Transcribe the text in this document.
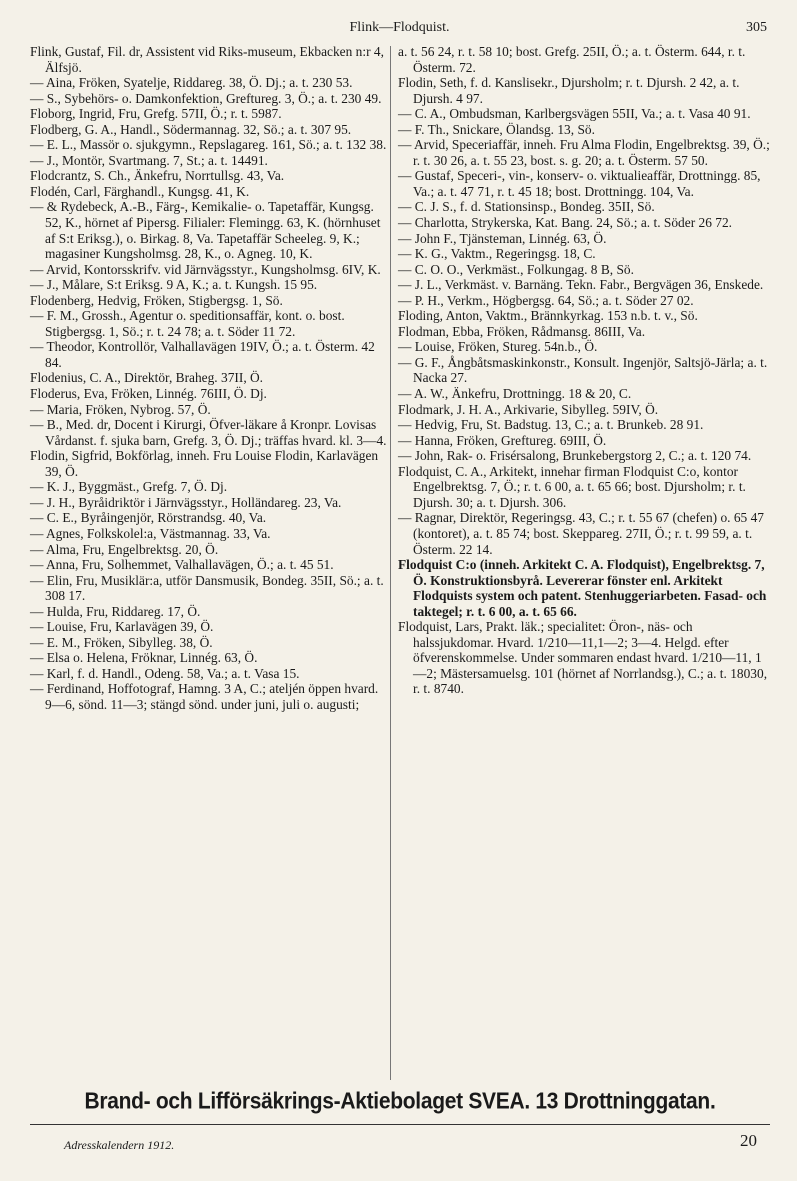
Flink—Flodquist.	305

Flink, Gustaf, Fil. dr, Assistent vid Riks-museum, Ekbacken n:r 4, Älfsjö.

— Aina, Fröken, Syatelje, Riddareg. 38, Ö. Dj.; a. t. 230 53.

— S., Sybehörs- o. Damkonfektion, Greftureg. 3, Ö.; a. t. 230 49.

Floborg, Ingrid, Fru, Grefg. 57II, Ö.; r. t. 5987.

Flodberg, G. A., Handl., Södermannag. 32, Sö.; a. t. 307 95.

— E. L., Massör o. sjukgymn., Repslagareg. 161, Sö.; a. t. 132 38.

— J., Montör, Svartmang. 7, St.; a. t. 14491.

Flodcrantz, S. Ch., Änkefru, Norrtullsg. 43, Va.

Flodén, Carl, Färghandl., Kungsg. 41, K.

— & Rydebeck, A.-B., Färg-, Kemikalie- o. Tapetaffär, Kungsg. 52, K., hörnet af Pipersg. Filialer: Flemingg. 63, K. (hörnhuset af S:t Eriksg.), o. Birkag. 8, Va. Tapetaffär Scheeleg. 9, K.; magasiner Kungsholmsg. 28, K., o. Agneg. 10, K.

— Arvid, Kontorsskrifv. vid Järnvägsstyr., Kungsholmsg. 6IV, K.

— J., Målare, S:t Eriksg. 9 A, K.; a. t. Kungsh. 15 95.

Flodenberg, Hedvig, Fröken, Stigbergsg. 1, Sö.

— F. M., Grossh., Agentur o. speditionsaffär, kont. o. bost. Stigbergsg. 1, Sö.; r. t. 24 78; a. t. Söder 11 72.

— Theodor, Kontrollör, Valhallavägen 19IV, Ö.; a. t. Österm. 42 84.

Flodenius, C. A., Direktör, Braheg. 37II, Ö.

Floderus, Eva, Fröken, Linnég. 76III, Ö. Dj.

— Maria, Fröken, Nybrog. 57, Ö.

— B., Med. dr, Docent i Kirurgi, Öfver-läkare å Kronpr. Lovisas Vårdanst. f. sjuka barn, Grefg. 3, Ö. Dj.; träffas hvard. kl. 3—4.

Flodin, Sigfrid, Bokförlag, inneh. Fru Louise Flodin, Karlavägen 39, Ö.

— K. J., Byggmäst., Grefg. 7, Ö. Dj.

— J. H., Byråidriktör i Järnvägsstyr., Holländareg. 23, Va.

— C. E., Byråingenjör, Rörstrandsg. 40, Va.

— Agnes, Folkskolel:a, Västmannag. 33, Va.

— Alma, Fru, Engelbrektsg. 20, Ö.

— Anna, Fru, Solhemmet, Valhallavägen, Ö.; a. t. 45 51.

— Elin, Fru, Musiklär:a, utför Dansmusik, Bondeg. 35II, Sö.; a. t. 308 17.

— Hulda, Fru, Riddareg. 17, Ö.

— Louise, Fru, Karlavägen 39, Ö.

— E. M., Fröken, Sibylleg. 38, Ö.

— Elsa o. Helena, Fröknar, Linnég. 63, Ö.

— Karl, f. d. Handl., Odeng. 58, Va.; a. t. Vasa 15.

— Ferdinand, Hoffotograf, Hamng. 3 A, C.; ateljén öppen hvard. 9—6, sönd. 11—3; stängd sönd. under juni, juli o. augusti;

a. t. 56 24, r. t. 58 10; bost. Grefg. 25II, Ö.; a. t. Österm. 644, r. t. Österm. 72.

Flodin, Seth, f. d. Kanslisekr., Djursholm; r. t. Djursh. 2 42, a. t. Djursh. 4 97.

— C. A., Ombudsman, Karlbergsvägen 55II, Va.; a. t. Vasa 40 91.

— F. Th., Snickare, Ölandsg. 13, Sö.

— Arvid, Speceriaffär, inneh. Fru Alma Flodin, Engelbrektsg. 39, Ö.; r. t. 30 26, a. t. 55 23, bost. s. g. 20; a. t. Österm. 57 50.

— Gustaf, Speceri-, vin-, konserv- o. viktualieaffär, Drottningg. 85, Va.; a. t. 47 71, r. t. 45 18; bost. Drottningg. 104, Va.

— C. J. S., f. d. Stationsinsp., Bondeg. 35II, Sö.

— Charlotta, Strykerska, Kat. Bang. 24, Sö.; a. t. Söder 26 72.

— John F., Tjänsteman, Linnég. 63, Ö.

— K. G., Vaktm., Regeringsg. 18, C.

— C. O. O., Verkmäst., Folkungag. 8 B, Sö.

— J. L., Verkmäst. v. Barnäng. Tekn. Fabr., Bergvägen 36, Enskede.

— P. H., Verkm., Högbergsg. 64, Sö.; a. t. Söder 27 02.

Floding, Anton, Vaktm., Brännkyrkag. 153 n.b. t. v., Sö.

Flodman, Ebba, Fröken, Rådmansg. 86III, Va.

— Louise, Fröken, Stureg. 54n.b., Ö.

— G. F., Ångbåtsmaskinkonstr., Konsult. Ingenjör, Saltsjö-Järla; a. t. Nacka 27.

— A. W., Änkefru, Drottningg. 18 & 20, C.

Flodmark, J. H. A., Arkivarie, Sibylleg. 59IV, Ö.

— Hedvig, Fru, St. Badstug. 13, C.; a. t. Brunkeb. 28 91.

— Hanna, Fröken, Greftureg. 69III, Ö.

— John, Rak- o. Frisérsalong, Brunkebergstorg 2, C.; a. t. 120 74.

Flodquist, C. A., Arkitekt, innehar firman Flodquist C:o, kontor Engelbrektsg. 7, Ö.; r. t. 6 00, a. t. 65 66; bost. Djursholm; r. t. Djursh. 30; a. t. Djursh. 306.

— Ragnar, Direktör, Regeringsg. 43, C.; r. t. 55 67 (chefen) o. 65 47 (kontoret), a. t. 85 74; bost. Skeppareg. 27II, Ö.; r. t. 99 59, a. t. Österm. 22 14.

Flodquist C:o (inneh. Arkitekt C. A. Flodquist), Engelbrektsg. 7, Ö. Konstruktionsbyrå. Levererar fönster enl. Arkitekt Flodquists system och patent. Stenhuggeriarbeten. Fasad- och taktegel; r. t. 6 00, a. t. 65 66.

Flodquist, Lars, Prakt. läk.; specialitet: Öron-, näs- och halssjukdomar. Hvard. 1/210—11,1—2; 3—4. Helgd. efter öfverenskommelse. Under sommaren endast hvard. 1/210—11, 1—2; Mästersamuelsg. 101 (hörnet af Norrlandsg.), C.; a. t. 18030, r. t. 8740.

Brand- och Lifförsäkrings-Aktiebolaget SVEA. 13 Drottninggatan.
Adresskalendern 1912.	20
